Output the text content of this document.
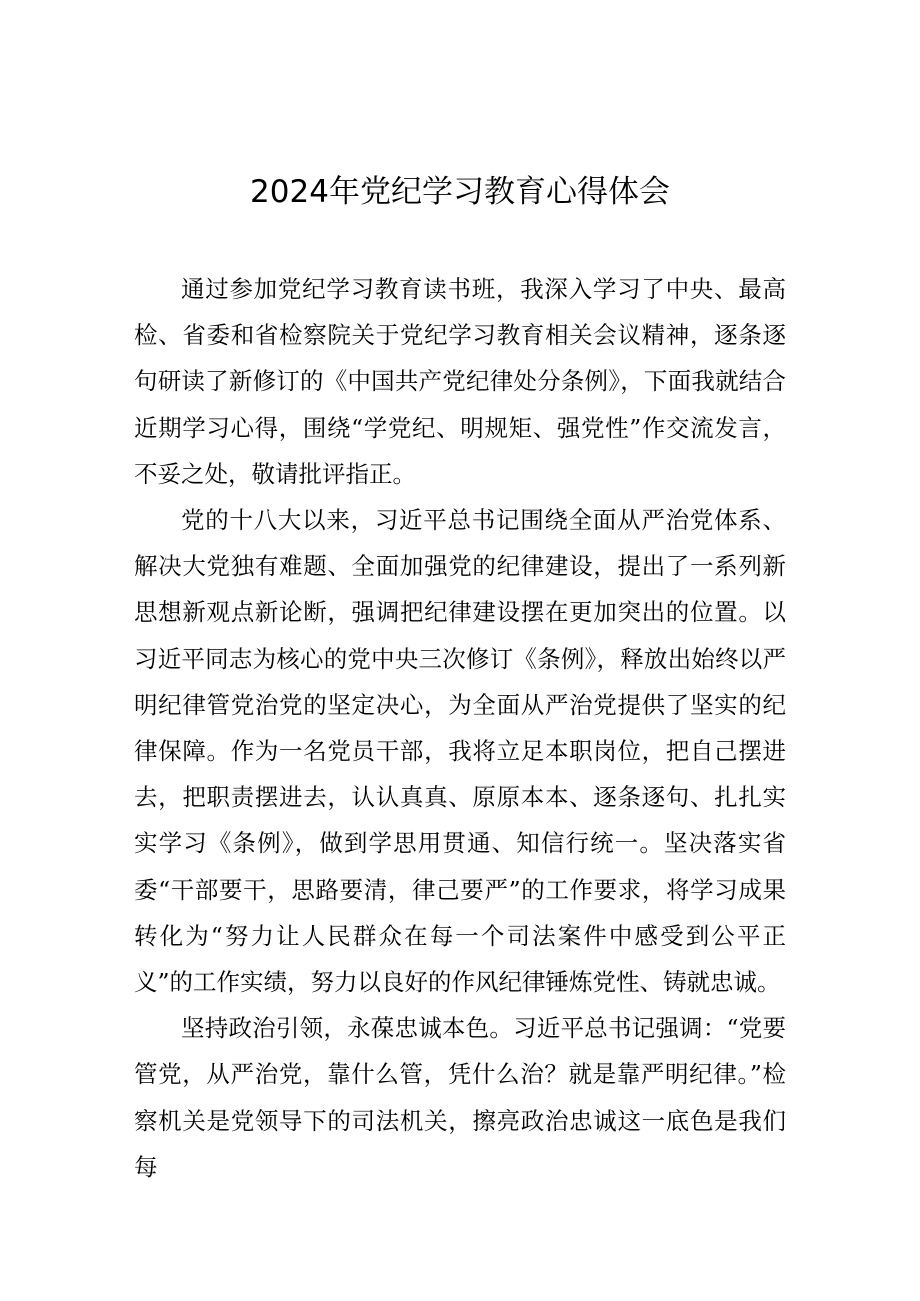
2024年党纪学习教育心得体会

通过参加党纪学习教育读书班，我深入学习了中央、最高检、省委和省检察院关于党纪学习教育相关会议精神，逐条逐句研读了新修订的《中国共产党纪律处分条例》，下面我就结合近期学习心得，围绕“学党纪、明规矩、强党性”作交流发言，不妥之处，敬请批评指正。

党的十八大以来，习近平总书记围绕全面从严治党体系、解决大党独有难题、全面加强党的纪律建设，提出了一系列新思想新观点新论断，强调把纪律建设摆在更加突出的位置。以习近平同志为核心的党中央三次修订《条例》，释放出始终以严明纪律管党治党的坚定决心，为全面从严治党提供了坚实的纪律保障。作为一名党员干部，我将立足本职岗位，把自己摆进去，把职责摆进去，认认真真、原原本本、逐条逐句、扎扎实实学习《条例》，做到学思用贯通、知信行统一。坚决落实省委“干部要干，思路要清，律己要严”的工作要求，将学习成果转化为“努力让人民群众在每一个司法案件中感受到公平正义”的工作实绩，努力以良好的作风纪律锤炼党性、铸就忠诚。

坚持政治引领，永葆忠诚本色。习近平总书记强调：“党要管党，从严治党，靠什么管，凭什么治？就是靠严明纪律。”检察机关是党领导下的司法机关，擦亮政治忠诚这一底色是我们每
